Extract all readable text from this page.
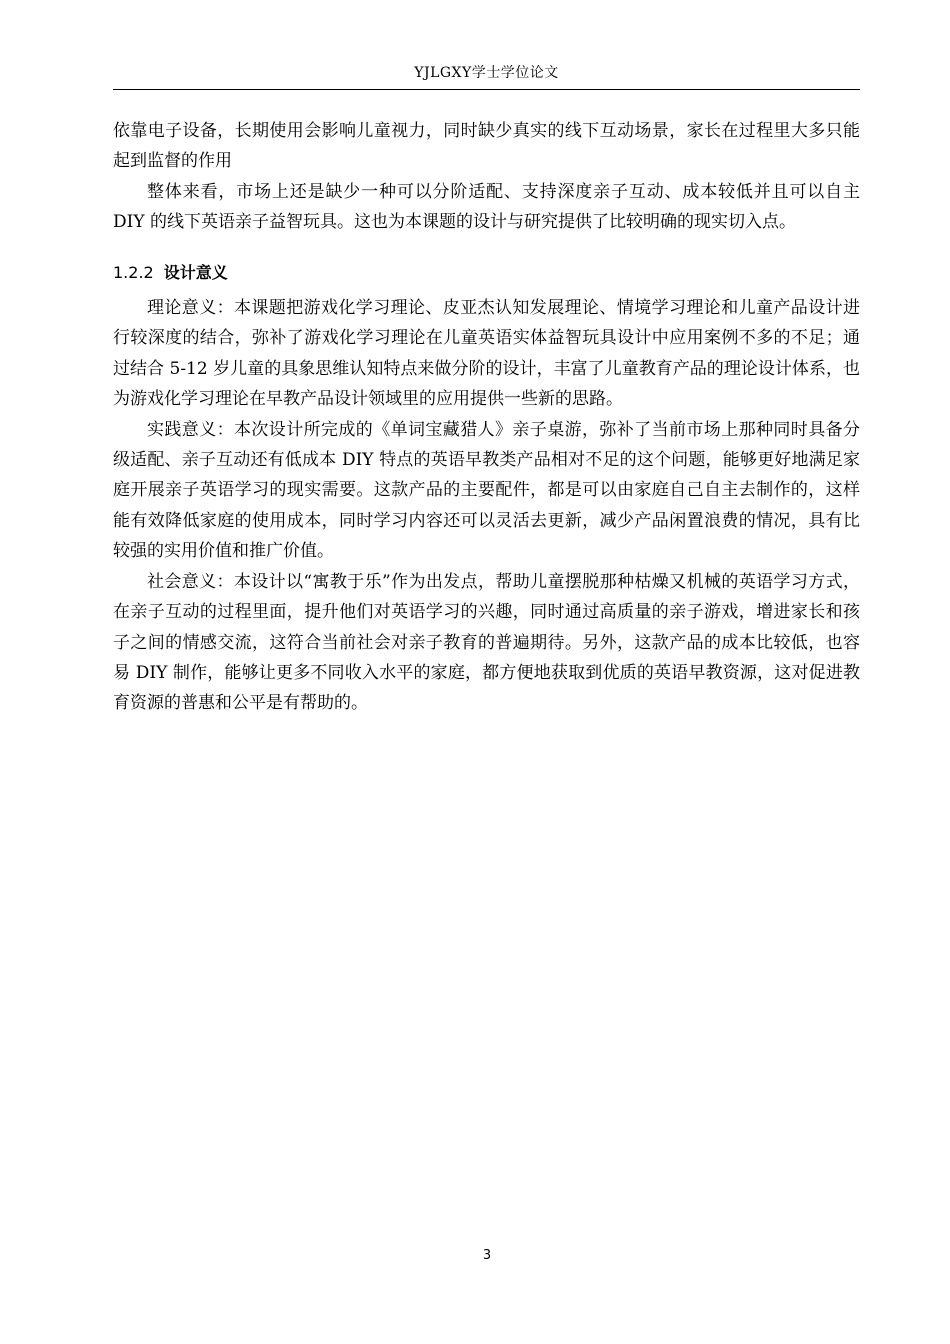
YJLGXY学士学位论文

依靠电子设备，长期使用会影响儿童视力，同时缺少真实的线下互动场景，家长在过程里大多只能起到监督的作用

整体来看，市场上还是缺少一种可以分阶适配、支持深度亲子互动、成本较低并且可以自主 DIY 的线下英语亲子益智玩具。这也为本课题的设计与研究提供了比较明确的现实切入点。

1.2.2 设计意义

理论意义：本课题把游戏化学习理论、皮亚杰认知发展理论、情境学习理论和儿童产品设计进行较深度的结合，弥补了游戏化学习理论在儿童英语实体益智玩具设计中应用案例不多的不足；通过结合 5-12 岁儿童的具象思维认知特点来做分阶的设计，丰富了儿童教育产品的理论设计体系，也为游戏化学习理论在早教产品设计领域里的应用提供一些新的思路。

实践意义：本次设计所完成的《单词宝藏猎人》亲子桌游，弥补了当前市场上那种同时具备分级适配、亲子互动还有低成本 DIY 特点的英语早教类产品相对不足的这个问题，能够更好地满足家庭开展亲子英语学习的现实需要。这款产品的主要配件，都是可以由家庭自己自主去制作的，这样能有效降低家庭的使用成本，同时学习内容还可以灵活去更新，减少产品闲置浪费的情况，具有比较强的实用价值和推广价值。

社会意义：本设计以“寓教于乐”作为出发点，帮助儿童摆脱那种枯燥又机械的英语学习方式，在亲子互动的过程里面，提升他们对英语学习的兴趣，同时通过高质量的亲子游戏，增进家长和孩子之间的情感交流，这符合当前社会对亲子教育的普遍期待。另外，这款产品的成本比较低，也容易 DIY 制作，能够让更多不同收入水平的家庭，都方便地获取到优质的英语早教资源，这对促进教育资源的普惠和公平是有帮助的。

3
